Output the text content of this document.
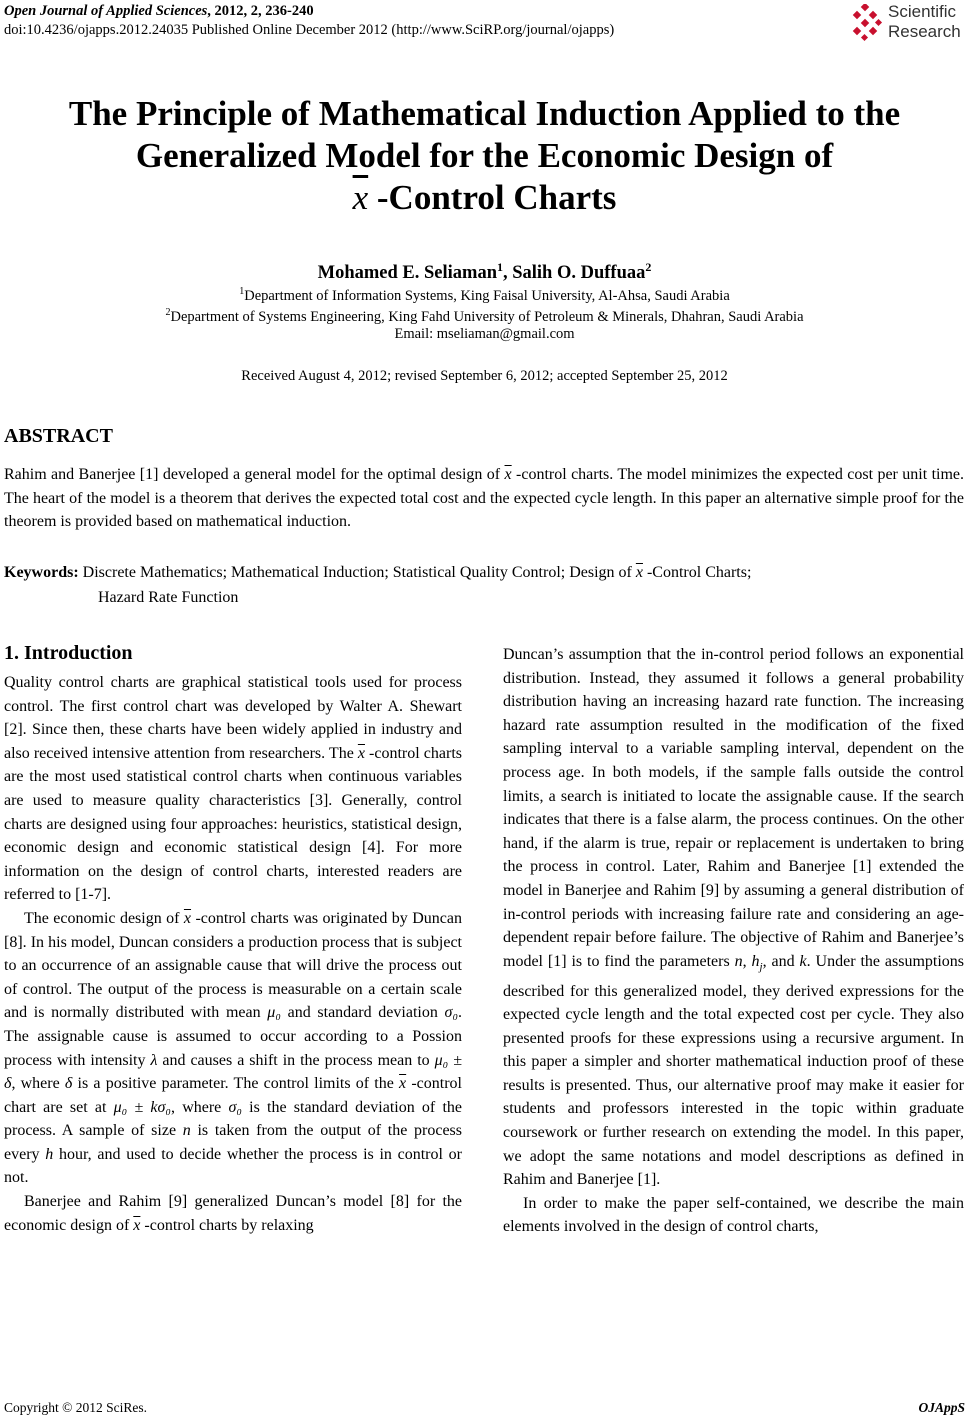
Open Journal of Applied Sciences, 2012, 2, 236-240
doi:10.4236/ojapps.2012.24035 Published Online December 2012 (http://www.SciRP.org/journal/ojapps)
Scientific
Research
The Principle of Mathematical Induction Applied to the
Generalized Model for the Economic Design of
$\overline{x}$ -Control Charts
Mohamed E. Seliaman$^1$, Salih O. Duffuaa$^2$
$^1$Department of Information Systems, King Faisal University, Al-Ahsa, Saudi Arabia
$^2$Department of Systems Engineering, King Fahd University of Petroleum & Minerals, Dhahran, Saudi Arabia
Email: mseliaman@gmail.com
Received August 4, 2012; revised September 6, 2012; accepted September 25, 2012
ABSTRACT
Rahim and Banerjee [1] developed a general model for the optimal design of $\overline{x}$ -control charts. The model minimizes the expected cost per unit time. The heart of the model is a theorem that derives the expected total cost and the expected cycle length. In this paper an alternative simple proof for the theorem is provided based on mathematical induction.
Keywords: Discrete Mathematics; Mathematical Induction; Statistical Quality Control; Design of $\overline{x}$ -Control Charts;
Hazard Rate Function

1. Introduction

Quality control charts are graphical statistical tools used for process control. The first control chart was developed by Walter A. Shewart [2]. Since then, these charts have been widely applied in industry and also received intensive attention from researchers. The $\overline{x}$ -control charts are the most used statistical control charts when continuous variables are used to measure quality characteristics [3]. Generally, control charts are designed using four approaches: heuristics, statistical design, economic design and economic statistical design [4]. For more information on the design of control charts, interested readers are referred to [1-7].

The economic design of $\overline{x}$ -control charts was originated by Duncan [8]. In his model, Duncan considers a production process that is subject to an occurrence of an assignable cause that will drive the process out of control. The output of the process is measurable on a certain scale and is normally distributed with mean μ₀ and standard deviation σ₀. The assignable cause is assumed to occur according to a Possion process with intensity λ and causes a shift in the process mean to μ₀ ± δ, where δ is a positive parameter. The control limits of the $\overline{x}$ -control chart are set at μ₀ ± kσ₀, where σ₀ is the standard deviation of the process. A sample of size n is taken from the output of the process every h hour, and used to decide whether the process is in control or not.

Banerjee and Rahim [9] generalized Duncan’s model [8] for the economic design of $\overline{x}$ -control charts by relaxing

Duncan’s assumption that the in-control period follows an exponential distribution. Instead, they assumed it follows a general probability distribution having an increasing hazard rate function. The increasing hazard rate assumption resulted in the modification of the fixed sampling interval to a variable sampling interval, dependent on the process age. In both models, if the sample falls outside the control limits, a search is initiated to locate the assignable cause. If the search indicates that there is a false alarm, the process continues. On the other hand, if the alarm is true, repair or replacement is undertaken to bring the process in control. Later, Rahim and Banerjee [1] extended the model in Banerjee and Rahim [9] by assuming a general distribution of in-control periods with increasing failure rate and considering an age-dependent repair before failure. The objective of Rahim and Banerjee’s model [1] is to find the parameters n, $h_j$, and k. Under the assumptions described for this generalized model, they derived expressions for the expected cycle length and the total expected cost per cycle. They also presented proofs for these expressions using a recursive argument. In this paper a simpler and shorter mathematical induction proof of these results is presented. Thus, our alternative proof may make it easier for students and professors interested in the topic within graduate coursework or further research on extending the model. In this paper, we adopt the same notations and model descriptions as defined in Rahim and Banerjee [1].

In order to make the paper self-contained, we describe the main elements involved in the design of control charts,

Copyright © 2012 SciRes.	OJAppS
